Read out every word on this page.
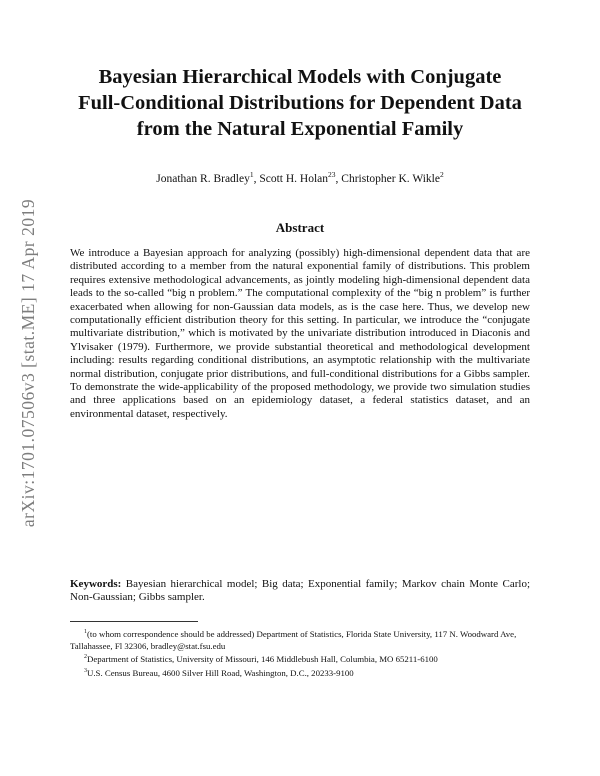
arXiv:1701.07506v3 [stat.ME] 17 Apr 2019
Bayesian Hierarchical Models with Conjugate
Full-Conditional Distributions for Dependent Data
from the Natural Exponential Family
Jonathan R. Bradley$^1$, Scott H. Holan$^{23}$, Christopher K. Wikle$^2$
Abstract
We introduce a Bayesian approach for analyzing (possibly) high-dimensional dependent data that are distributed according to a member from the natural exponential family of distributions. This problem requires extensive methodological advancements, as jointly modeling high-dimensional dependent data leads to the so-called “big n problem.” The computational complexity of the “big n problem” is further exacerbated when allowing for non-Gaussian data models, as is the case here. Thus, we develop new computationally efficient distribution theory for this setting. In particular, we introduce the “conjugate multivariate distribution,” which is motivated by the univariate distribution introduced in Diaconis and Ylvisaker (1979). Furthermore, we provide substantial theoretical and methodological development including: results regarding conditional distributions, an asymptotic relationship with the multivariate normal distribution, conjugate prior distributions, and full-conditional distributions for a Gibbs sampler. To demonstrate the wide-applicability of the proposed methodology, we provide two simulation studies and three applications based on an epidemiology dataset, a federal statistics dataset, and an environmental dataset, respectively.
Keywords: Bayesian hierarchical model; Big data; Exponential family; Markov chain Monte Carlo; Non-Gaussian; Gibbs sampler.
$^1$(to whom correspondence should be addressed) Department of Statistics, Florida State University, 117 N. Woodward Ave, Tallahassee, Fl 32306, bradley@stat.fsu.edu
$^2$Department of Statistics, University of Missouri, 146 Middlebush Hall, Columbia, MO 65211-6100
$^3$U.S. Census Bureau, 4600 Silver Hill Road, Washington, D.C., 20233-9100
